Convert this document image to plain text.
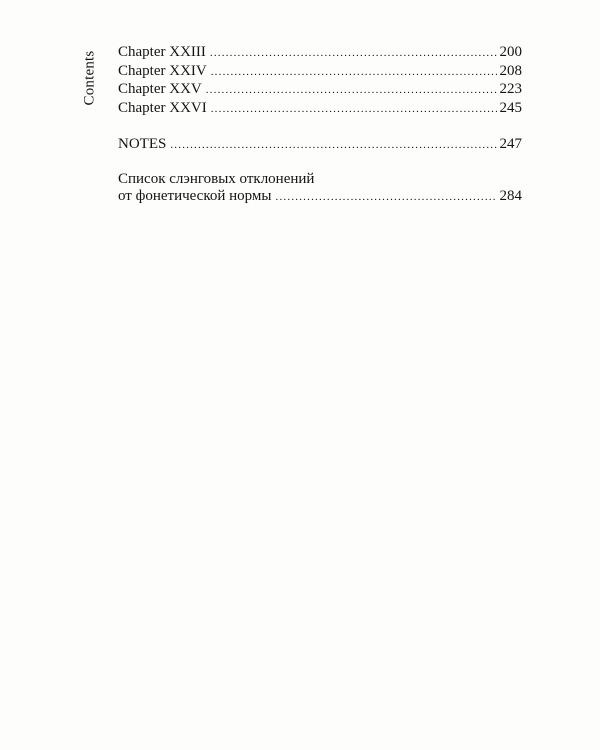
Contents Chapter XXIII .....	200
Chapter XXIV .....	208
Chapter XXV .....	223
Chapter XXVI .....	245
NOTES .....	247
Список слэнговых отклонений
от фонетической нормы .....	284
